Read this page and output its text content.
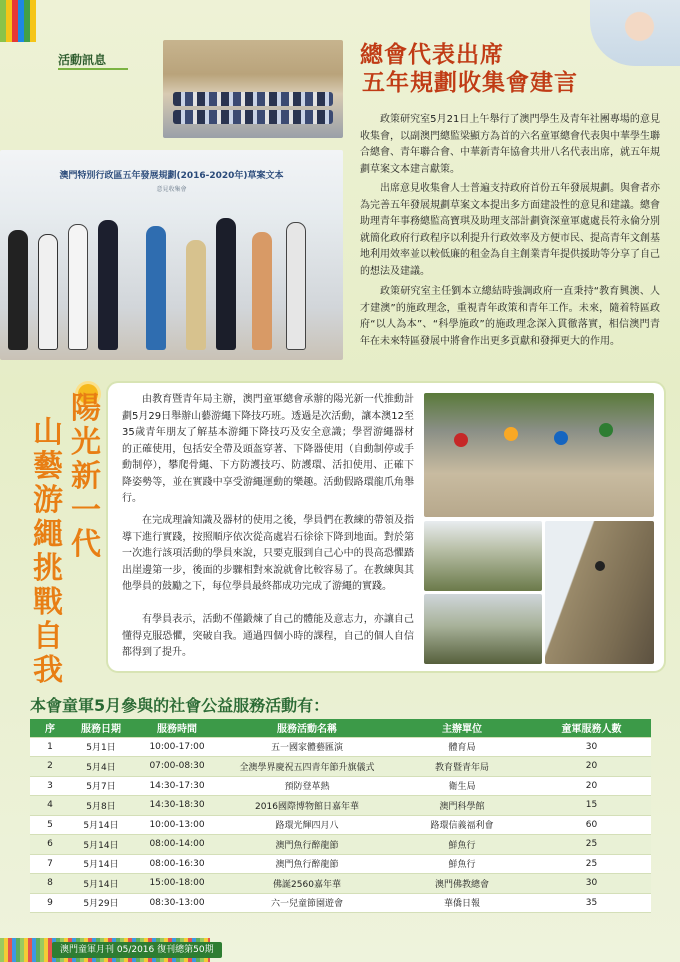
活動訊息
澳門特別行政區五年發展規劃(2016-2020年)草案文本
意見收集會
總會代表出席
五年規劃收集會建言

政策研究室5月21日上午舉行了澳門學生及青年社團專場的意見收集會，以副澳門總監梁顯方為首的六名童軍總會代表與中華學生聯合總會、青年聯合會、中華新青年協會共卅八名代表出席，就五年規劃草案文本建言獻策。

出席意見收集會人士普遍支持政府首份五年發展規劃。與會者亦為完善五年發展規劃草案文本提出多方面建設性的意見和建議。總會助理青年事務總監高寶琪及助理支部計劃資深童軍處處長符永倫分別就簡化政府行政程序以利提升行政效率及方便市民、提高青年文創基地利用效率並以較低廉的租金為自主創業青年提供援助等分享了自己的想法及建議。

政策研究室主任劉本立總結時強調政府一直秉持“教育興澳、人才建澳”的施政理念，重視青年政策和青年工作。未來，隨着特區政府“以人為本”、“科學施政”的施政理念深入貫徹落實，相信澳門青年在未來特區發展中將會作出更多貢獻和發揮更大的作用。

陽光新一代
山藝游繩挑戰自我

由教育暨青年局主辦，澳門童軍總會承辦的陽光新一代推動計劃5月29日舉辦山藝游繩下降技巧班。透過是次活動，讓本澳12至35歲青年朋友了解基本游繩下降技巧及安全意識；學習游繩器材的正確使用，包括安全帶及頭盔穿著、下降器使用（自動制停或手動制停），攀爬骨繩、下方防護技巧、防護環、活扣使用、正確下降姿勢等，並在實踐中享受游繩運動的樂趣。活動假路環龍爪角舉行。

在完成理論知識及器材的使用之後，學員們在教練的帶領及指導下進行實踐，按照順序依次從高處岩石徐徐下降到地面。對於第一次進行該項活動的學員來說，只要克服到自己心中的畏高恐懼踏出崖邊第一步，後面的步驟相對來說就會比較容易了。在教練與其他學員的鼓勵之下，每位學員最終都成功完成了游繩的實踐。

有學員表示，活動不僅鍛煉了自己的體能及意志力，亦讓自己懂得克服恐懼，突破自我。通過四個小時的課程，自己的個人自信都得到了提升。

本會童軍5月參與的社會公益服務活動有：
序	服務日期	服務時間	服務活動名稱	主辦單位	童軍服務人數
1	5月1日	10:00-17:00	五一國家體藝匯演	體育局	30
2	5月4日	07:00-08:30	全澳學界慶祝五四青年節升旗儀式	教育暨青年局	20
3	5月7日	14:30-17:30	預防登革熱	衛生局	20
4	5月8日	14:30-18:30	2016國際博物館日嘉年華	澳門科學館	15
5	5月14日	10:00-13:00	路環光輝四月八	路環信義福利會	60
6	5月14日	08:00-14:00	澳門魚行醉龍節	鮮魚行	25
7	5月14日	08:00-16:30	澳門魚行醉龍節	鮮魚行	25
8	5月14日	15:00-18:00	佛誕2560嘉年華	澳門佛教總會	30
9	5月29日	08:30-13:00	六一兒童節園遊會	華僑日報	35
澳門童軍月刊 05/2016 復刊總第50期
